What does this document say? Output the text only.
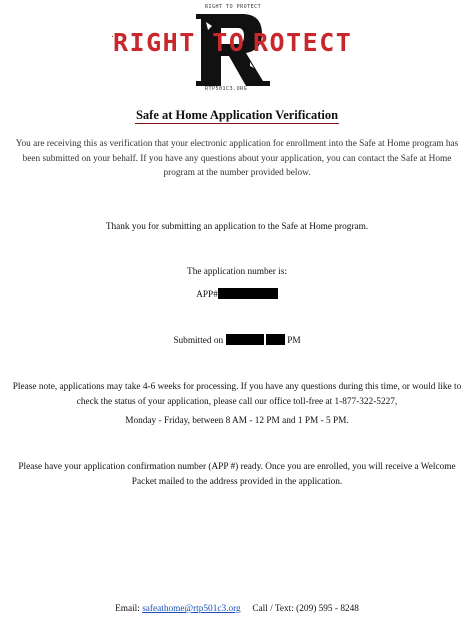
RIGHT TO PROTECT
RIGHT TO ROTECT
RTP501C3.ORG
Safe at Home Application Verification
You are receiving this as verification that your electronic application for enrollment into the Safe at Home program has been submitted on your behalf. If you have any questions about your application, you can contact the Safe at Home program at the number provided below.
Thank you for submitting an application to the Safe at Home program.
The application number is:
APP#
Submitted on	PM
Please note, applications may take 4-6 weeks for processing. If you have any questions during this time, or would like to check the status of your application, please call our office toll-free at 1-877-322-5227,
Monday - Friday, between 8 AM - 12 PM and 1 PM - 5 PM.
Please have your application confirmation number (APP #) ready. Once you are enrolled, you will receive a Welcome Packet mailed to the address provided in the application.
Email: safeathome@rtp501c3.org Call / Text: (209) 595 - 8248
